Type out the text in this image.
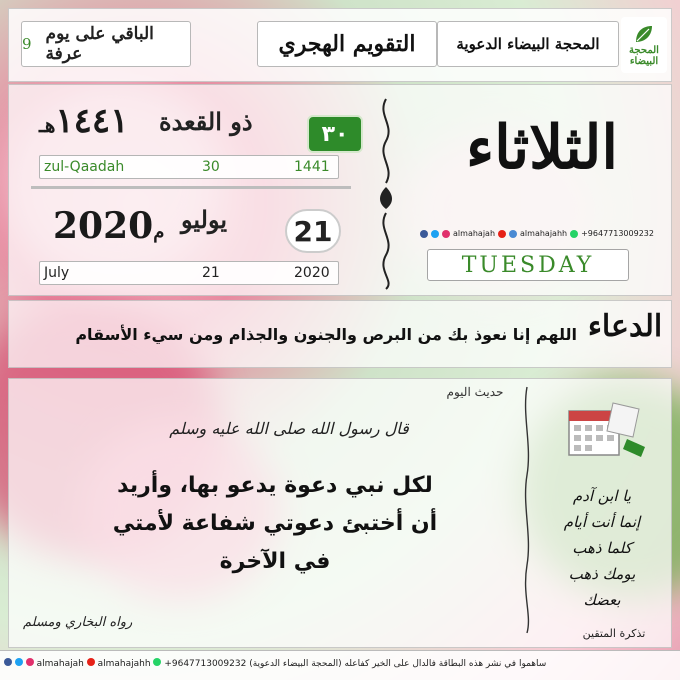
9 الباقي على يوم عرفة	التقويم الهجري	المحجة البيضاء الدعوية	المحجة البيضاء
١٤٤١هـ	ذو القعدة	٣٠
zul-Qaadah	30	1441
2020م يوليو	21
July	21	2020
الثلاثاء
almahajah	almahajahh +9647713009232
TUESDAY
اللهم إنا نعوذ بك من البرص والجنون والجذام ومن سيء الأسقام الدعاء
حديث اليوم
قال رسول الله صلى الله عليه وسلم
لكل نبي دعوة يدعو بها، وأريد
أن أختبئ دعوتي شفاعة لأمتي
في الآخرة
رواه البخاري ومسلم
يا ابن آدم
إنما أنت أيام
كلما ذهب
يومك ذهب
بعضك
تذكرة المتقين
almahajah almahajahh +9647713009232 (المحجة البيضاء الدعوية) ساهموا في نشر هذه البطاقة فالدال على الخير كفاعله
